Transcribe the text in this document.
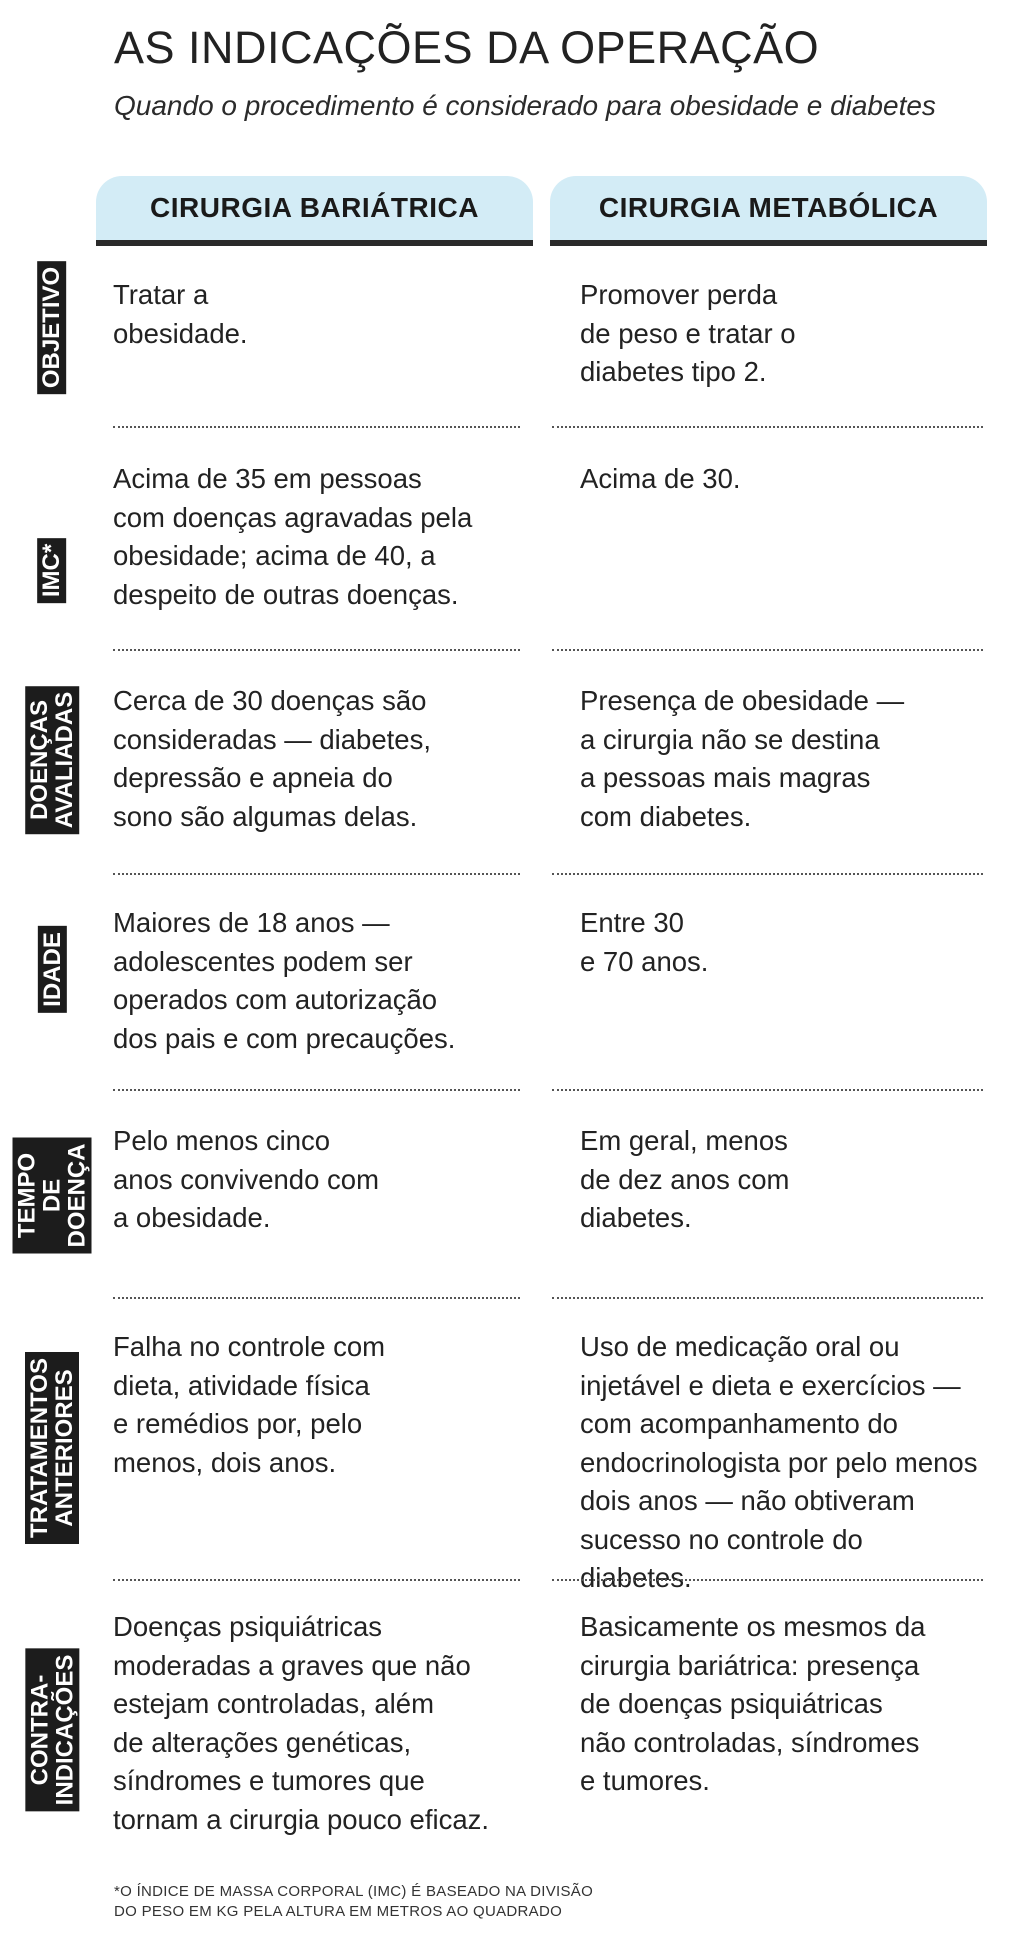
AS INDICAÇÕES DA OPERAÇÃO
Quando o procedimento é considerado para obesidade e diabetes
CIRURGIA BARIÁTRICA	CIRURGIA METABÓLICA
OBJETIVO Tratar a
obesidade.
Promover perda
de peso e tratar o
diabetes tipo 2.
IMC*
Acima de 35 em pessoas
com doenças agravadas pela
obesidade; acima de 40, a
despeito de outras doenças.
Acima de 30.
DOENÇAS
AVALIADAS Cerca de 30 doenças são
consideradas — diabetes,
depressão e apneia do
sono são algumas delas.
Presença de obesidade —
a cirurgia não se destina
a pessoas mais magras
com diabetes.
IDADE
Maiores de 18 anos —
adolescentes podem ser
operados com autorização
dos pais e com precauções.
Entre 30
e 70 anos.
TEMPO DE
DOENÇA
Pelo menos cinco
anos convivendo com
a obesidade.
Em geral, menos
de dez anos com
diabetes.
TRATAMENTOS
ANTERIORES
Falha no controle com
dieta, atividade física
e remédios por, pelo
menos, dois anos.
Uso de medicação oral ou
injetável e dieta e exercícios —
com acompanhamento do
endocrinologista por pelo menos
dois anos — não obtiveram
sucesso no controle do diabetes.
CONTRA-
INDICAÇÕES
Doenças psiquiátricas
moderadas a graves que não
estejam controladas, além
de alterações genéticas,
síndromes e tumores que
tornam a cirurgia pouco eficaz.
Basicamente os mesmos da
cirurgia bariátrica: presença
de doenças psiquiátricas
não controladas, síndromes
e tumores.
*O ÍNDICE DE MASSA CORPORAL (IMC) É BASEADO NA DIVISÃO
DO PESO EM KG PELA ALTURA EM METROS AO QUADRADO
